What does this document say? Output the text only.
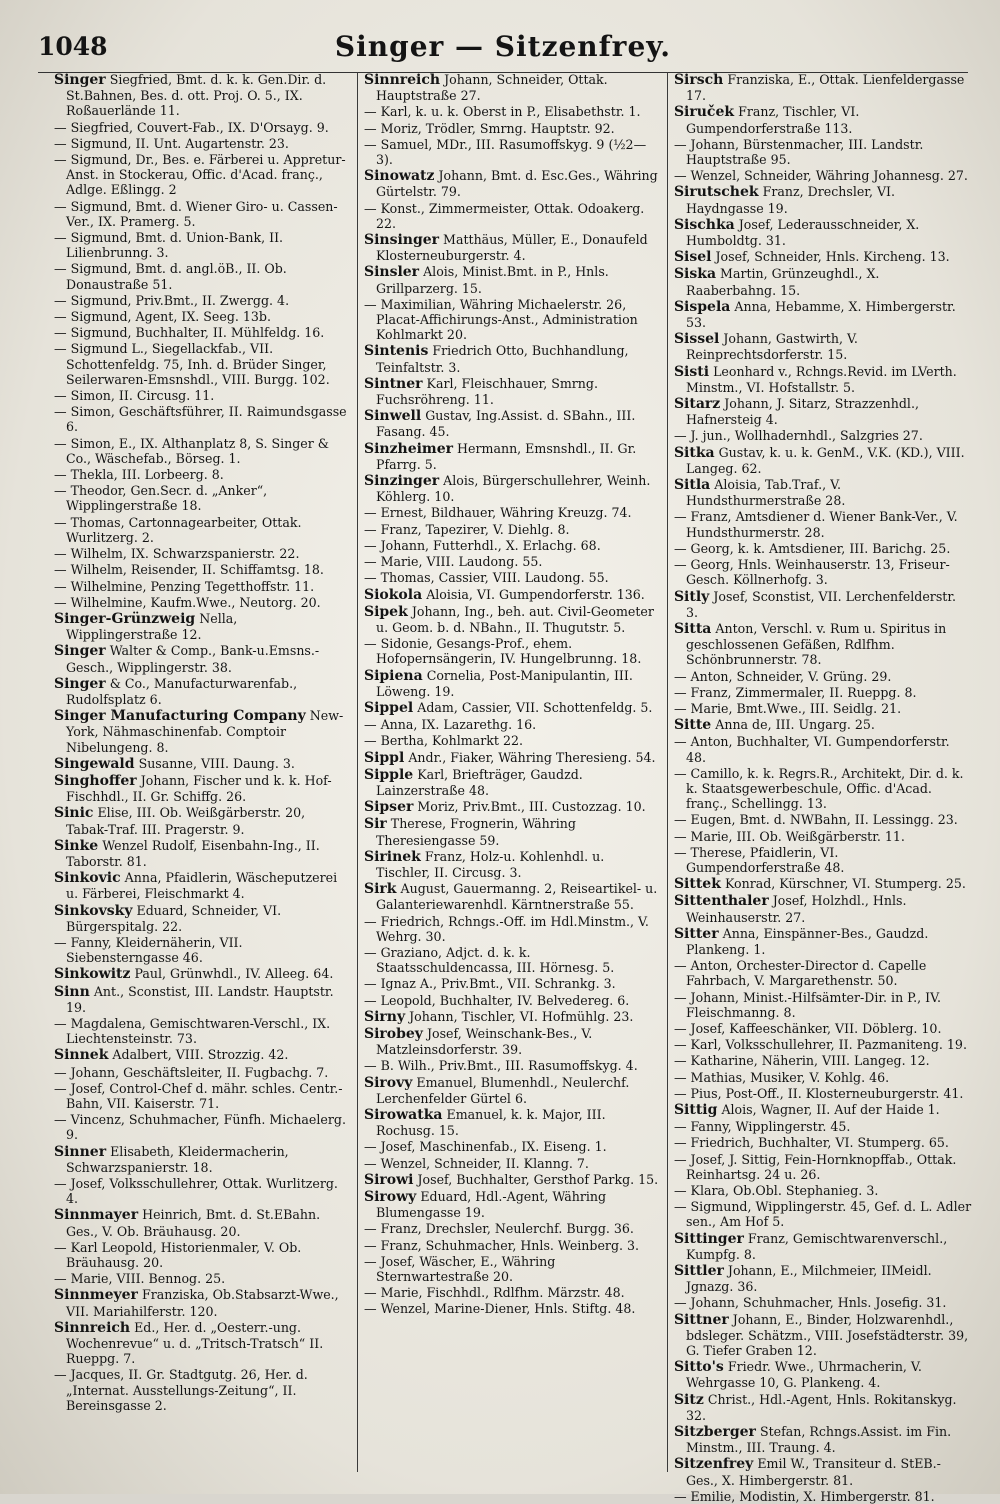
1048	Singer — Sitzenfrey.
Singer Siegfried, Bmt. d. k. k. Gen.Dir. d. St.Bahnen, Bes. d. ott. Proj. O. 5., IX. Roßauerlände 11.
— Siegfried, Couvert-Fab., IX. D'Orsayg. 9.
— Sigmund, II. Unt. Augartenstr. 23.
— Sigmund, Dr., Bes. e. Färberei u. Appretur-Anst. in Stockerau, Offic. d'Acad. franç., Adlge. Eßlingg. 2
— Sigmund, Bmt. d. Wiener Giro- u. Cassen-Ver., IX. Pramerg. 5.
— Sigmund, Bmt. d. Union-Bank, II. Lilienbrunng. 3.
— Sigmund, Bmt. d. angl.öB., II. Ob. Donaustraße 51.
— Sigmund, Priv.Bmt., II. Zwergg. 4.
— Sigmund, Agent, IX. Seeg. 13b.
— Sigmund, Buchhalter, II. Mühlfeldg. 16.
— Sigmund L., Siegellackfab., VII. Schottenfeldg. 75, Inh. d. Brüder Singer, Seilerwaren-Emsnshdl., VIII. Burgg. 102.
— Simon, II. Circusg. 11.
— Simon, Geschäftsführer, II. Raimundsgasse 6.
— Simon, E., IX. Althanplatz 8, S. Singer & Co., Wäschefab., Börseg. 1.
— Thekla, III. Lorbeerg. 8.
— Theodor, Gen.Secr. d. „Anker“, Wipplingerstraße 18.
— Thomas, Cartonnagearbeiter, Ottak. Wurlitzerg. 2.
— Wilhelm, IX. Schwarzspanierstr. 22.
— Wilhelm, Reisender, II. Schiffamtsg. 18.
— Wilhelmine, Penzing Tegetthoffstr. 11.
— Wilhelmine, Kaufm.Wwe., Neutorg. 20.
Singer-Grünzweig Nella, Wipplingerstraße 12.
Singer Walter & Comp., Bank-u.Emsns.-Gesch., Wipplingerstr. 38.
Singer & Co., Manufacturwarenfab., Rudolfsplatz 6.
Singer Manufacturing Company New-York, Nähmaschinenfab. Comptoir Nibelungeng. 8.
Singewald Susanne, VIII. Daung. 3.
Singhoffer Johann, Fischer und k. k. Hof-Fischhdl., II. Gr. Schiffg. 26.
Sinic Elise, III. Ob. Weißgärberstr. 20, Tabak-Traf. III. Pragerstr. 9.
Sinke Wenzel Rudolf, Eisenbahn-Ing., II. Taborstr. 81.
Sinkovic Anna, Pfaidlerin, Wäscheputzerei u. Färberei, Fleischmarkt 4.
Sinkovsky Eduard, Schneider, VI. Bürgerspitalg. 22.
— Fanny, Kleidernäherin, VII. Siebensterngasse 46.
Sinkowitz Paul, Grünwhdl., IV. Alleeg. 64.
Sinn Ant., Sconstist, III. Landstr. Hauptstr. 19.
— Magdalena, Gemischtwaren-Verschl., IX. Liechtensteinstr. 73.
Sinnek Adalbert, VIII. Strozzig. 42.
— Johann, Geschäftsleiter, II. Fugbachg. 7.
— Josef, Control-Chef d. mähr. schles. Centr.-Bahn, VII. Kaiserstr. 71.
— Vincenz, Schuhmacher, Fünfh. Michaelerg. 9.
Sinner Elisabeth, Kleidermacherin, Schwarzspanierstr. 18.
— Josef, Volksschullehrer, Ottak. Wurlitzerg. 4.
Sinnmayer Heinrich, Bmt. d. St.EBahn. Ges., V. Ob. Bräuhausg. 20.
— Karl Leopold, Historienmaler, V. Ob. Bräuhausg. 20.
— Marie, VIII. Bennog. 25.
Sinnmeyer Franziska, Ob.Stabsarzt-Wwe., VII. Mariahilferstr. 120.
Sinnreich Ed., Her. d. „Oesterr.-ung. Wochenrevue“ u. d. „Tritsch-Tratsch“ II. Rueppg. 7.
— Jacques, II. Gr. Stadtgutg. 26, Her. d. „Internat. Ausstellungs-Zeitung“, II. Bereinsgasse 2.
Sinnreich Johann, Schneider, Ottak. Hauptstraße 27.
— Karl, k. u. k. Oberst in P., Elisabethstr. 1.
— Moriz, Trödler, Smrng. Hauptstr. 92.
— Samuel, MDr., III. Rasumoffskyg. 9 (½2—3).
Sinowatz Johann, Bmt. d. Esc.Ges., Währing Gürtelstr. 79.
— Konst., Zimmermeister, Ottak. Odoakerg. 22.
Sinsinger Matthäus, Müller, E., Donaufeld Klosterneuburgerstr. 4.
Sinsler Alois, Minist.Bmt. in P., Hnls. Grillparzerg. 15.
— Maximilian, Währing Michaelerstr. 26, Placat-Affichirungs-Anst., Administration Kohlmarkt 20.
Sintenis Friedrich Otto, Buchhandlung, Teinfaltstr. 3.
Sintner Karl, Fleischhauer, Smrng. Fuchsröhreng. 11.
Sinwell Gustav, Ing.Assist. d. SBahn., III. Fasang. 45.
Sinzheimer Hermann, Emsnshdl., II. Gr. Pfarrg. 5.
Sinzinger Alois, Bürgerschullehrer, Weinh. Köhlerg. 10.
— Ernest, Bildhauer, Währing Kreuzg. 74.
— Franz, Tapezirer, V. Diehlg. 8.
— Johann, Futterhdl., X. Erlachg. 68.
— Marie, VIII. Laudong. 55.
— Thomas, Cassier, VIII. Laudong. 55.
Siokola Aloisia, VI. Gumpendorferstr. 136.
Sipek Johann, Ing., beh. aut. Civil-Geometer u. Geom. b. d. NBahn., II. Thugutstr. 5.
— Sidonie, Gesangs-Prof., ehem. Hofopernsängerin, IV. Hungelbrunng. 18.
Sipiena Cornelia, Post-Manipulantin, III. Löweng. 19.
Sippel Adam, Cassier, VII. Schottenfeldg. 5.
— Anna, IX. Lazarethg. 16.
— Bertha, Kohlmarkt 22.
Sippl Andr., Fiaker, Währing Theresieng. 54.
Sipple Karl, Briefträger, Gaudzd. Lainzerstraße 48.
Sipser Moriz, Priv.Bmt., III. Custozzag. 10.
Sir Therese, Frognerin, Währing Theresiengasse 59.
Sirinek Franz, Holz-u. Kohlenhdl. u. Tischler, II. Circusg. 3.
Sirk August, Gauermanng. 2, Reiseartikel- u. Galanteriewarenhdl. Kärntnerstraße 55.
— Friedrich, Rchngs.-Off. im Hdl.Minstm., V. Wehrg. 30.
— Graziano, Adjct. d. k. k. Staatsschuldencassa, III. Hörnesg. 5.
— Ignaz A., Priv.Bmt., VII. Schrankg. 3.
— Leopold, Buchhalter, IV. Belvedereg. 6.
Sirny Johann, Tischler, VI. Hofmühlg. 23.
Sirobey Josef, Weinschank-Bes., V. Matzleinsdorferstr. 39.
— B. Wilh., Priv.Bmt., III. Rasumoffskyg. 4.
Sirovy Emanuel, Blumenhdl., Neulerchf. Lerchenfelder Gürtel 6.
Sirowatka Emanuel, k. k. Major, III. Rochusg. 15.
— Josef, Maschinenfab., IX. Eiseng. 1.
— Wenzel, Schneider, II. Klanng. 7.
Sirowi Josef, Buchhalter, Gersthof Parkg. 15.
Sirowy Eduard, Hdl.-Agent, Währing Blumengasse 19.
— Franz, Drechsler, Neulerchf. Burgg. 36.
— Franz, Schuhmacher, Hnls. Weinberg. 3.
— Josef, Wäscher, E., Währing Sternwartestraße 20.
— Marie, Fischhdl., Rdlfhm. Märzstr. 48.
— Wenzel, Marine-Diener, Hnls. Stiftg. 48.
Sirsch Franziska, E., Ottak. Lienfeldergasse 17.
Siruček Franz, Tischler, VI. Gumpendorferstraße 113.
— Johann, Bürstenmacher, III. Landstr. Hauptstraße 95.
— Wenzel, Schneider, Währing Johannesg. 27.
Sirutschek Franz, Drechsler, VI. Haydngasse 19.
Sischka Josef, Lederausschneider, X. Humboldtg. 31.
Sisel Josef, Schneider, Hnls. Kircheng. 13.
Siska Martin, Grünzeughdl., X. Raaberbahng. 15.
Sispela Anna, Hebamme, X. Himbergerstr. 53.
Sissel Johann, Gastwirth, V. Reinprechtsdorferstr. 15.
Sisti Leonhard v., Rchngs.Revid. im LVerth. Minstm., VI. Hofstallstr. 5.
Sitarz Johann, J. Sitarz, Strazzenhdl., Hafnersteig 4.
— J. jun., Wollhadernhdl., Salzgries 27.
Sitka Gustav, k. u. k. GenM., V.K. (KD.), VIII. Langeg. 62.
Sitla Aloisia, Tab.Traf., V. Hundsthurmerstraße 28.
— Franz, Amtsdiener d. Wiener Bank-Ver., V. Hundsthurmerstr. 28.
— Georg, k. k. Amtsdiener, III. Barichg. 25.
— Georg, Hnls. Weinhauserstr. 13, Friseur-Gesch. Köllnerhofg. 3.
Sitly Josef, Sconstist, VII. Lerchenfelderstr. 3.
Sitta Anton, Verschl. v. Rum u. Spiritus in geschlossenen Gefäßen, Rdlfhm. Schönbrunnerstr. 78.
— Anton, Schneider, V. Grüng. 29.
— Franz, Zimmermaler, II. Rueppg. 8.
— Marie, Bmt.Wwe., III. Seidlg. 21.
Sitte Anna de, III. Ungarg. 25.
— Anton, Buchhalter, VI. Gumpendorferstr. 48.
— Camillo, k. k. Regrs.R., Architekt, Dir. d. k. k. Staatsgewerbeschule, Offic. d'Acad. franç., Schellingg. 13.
— Eugen, Bmt. d. NWBahn, II. Lessingg. 23.
— Marie, III. Ob. Weißgärberstr. 11.
— Therese, Pfaidlerin, VI. Gumpendorferstraße 48.
Sittek Konrad, Kürschner, VI. Stumperg. 25.
Sittenthaler Josef, Holzhdl., Hnls. Weinhauserstr. 27.
Sitter Anna, Einspänner-Bes., Gaudzd. Plankeng. 1.
— Anton, Orchester-Director d. Capelle Fahrbach, V. Margarethenstr. 50.
— Johann, Minist.-Hilfsämter-Dir. in P., IV. Fleischmanng. 8.
— Josef, Kaffeeschänker, VII. Döblerg. 10.
— Karl, Volksschullehrer, II. Pazmaniteng. 19.
— Katharine, Näherin, VIII. Langeg. 12.
— Mathias, Musiker, V. Kohlg. 46.
— Pius, Post-Off., II. Klosterneuburgerstr. 41.
Sittig Alois, Wagner, II. Auf der Haide 1.
— Fanny, Wipplingerstr. 45.
— Friedrich, Buchhalter, VI. Stumperg. 65.
— Josef, J. Sittig, Fein-Hornknopffab., Ottak. Reinhartsg. 24 u. 26.
— Klara, Ob.Obl. Stephanieg. 3.
— Sigmund, Wipplingerstr. 45, Gef. d. L. Adler sen., Am Hof 5.
Sittinger Franz, Gemischtwarenverschl., Kumpfg. 8.
Sittler Johann, E., Milchmeier, IIMeidl. Jgnazg. 36.
— Johann, Schuhmacher, Hnls. Josefig. 31.
Sittner Johann, E., Binder, Holzwarenhdl., bdsleger. Schätzm., VIII. Josefstädterstr. 39, G. Tiefer Graben 12.
Sitto's Friedr. Wwe., Uhrmacherin, V. Wehrgasse 10, G. Plankeng. 4.
Sitz Christ., Hdl.-Agent, Hnls. Rokitanskyg. 32.
Sitzberger Stefan, Rchngs.Assist. im Fin. Minstm., III. Traung. 4.
Sitzenfrey Emil W., Transiteur d. StEB.-Ges., X. Himbergerstr. 81.
— Emilie, Modistin, X. Himbergerstr. 81.
